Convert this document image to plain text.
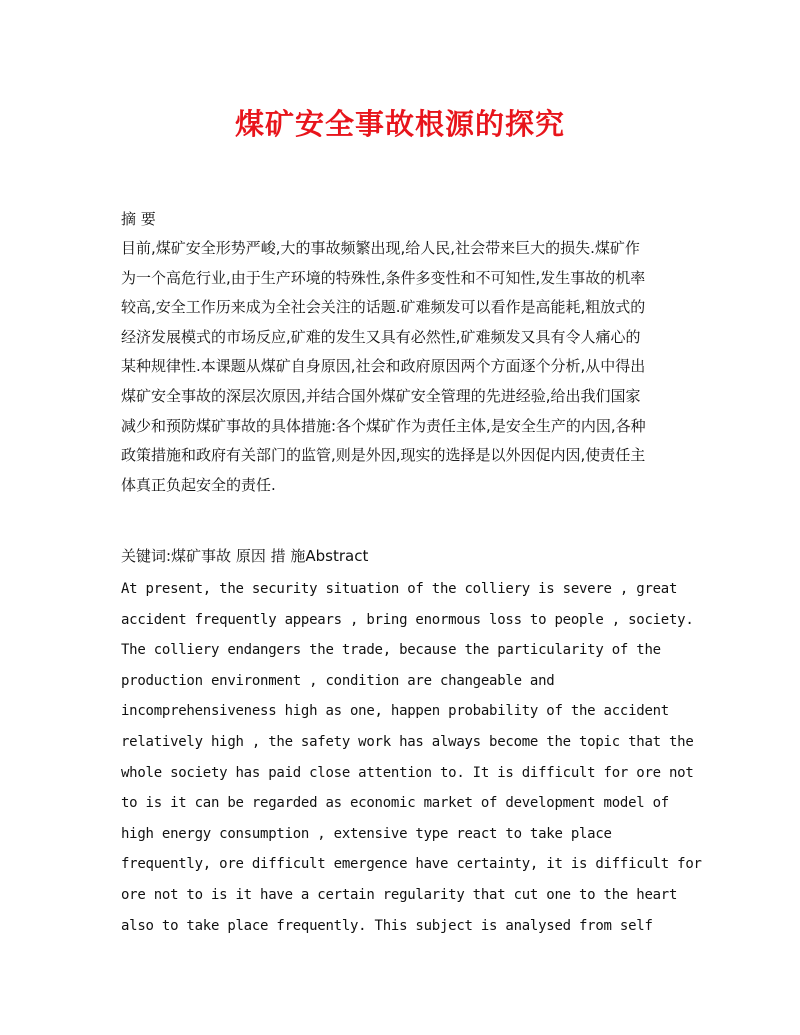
煤矿安全事故根源的探究
摘 要
目前,煤矿安全形势严峻,大的事故频繁出现,给人民,社会带来巨大的损失.煤矿作
为一个高危行业,由于生产环境的特殊性,条件多变性和不可知性,发生事故的机率
较高,安全工作历来成为全社会关注的话题.矿难频发可以看作是高能耗,粗放式的
经济发展模式的市场反应,矿难的发生又具有必然性,矿难频发又具有令人痛心的
某种规律性.本课题从煤矿自身原因,社会和政府原因两个方面逐个分析,从中得出
煤矿安全事故的深层次原因,并结合国外煤矿安全管理的先进经验,给出我们国家
减少和预防煤矿事故的具体措施:各个煤矿作为责任主体,是安全生产的内因,各种
政策措施和政府有关部门的监管,则是外因,现实的选择是以外因促内因,使责任主
体真正负起安全的责任.
关键词:煤矿事故 原因 措 施Abstract
At present, the security situation of the colliery is severe , great
accident frequently appears , bring enormous loss to people , society.
The colliery endangers the trade, because the particularity of the
production environment , condition are changeable and
incomprehensiveness high as one, happen probability of the accident
relatively high , the safety work has always become the topic that the
whole society has paid close attention to. It is difficult for ore not
to is it can be regarded as economic market of development model of
high energy consumption , extensive type react to take place
frequently, ore difficult emergence have certainty, it is difficult for
ore not to is it have a certain regularity that cut one to the heart
also to take place frequently. This subject is analysed from self
